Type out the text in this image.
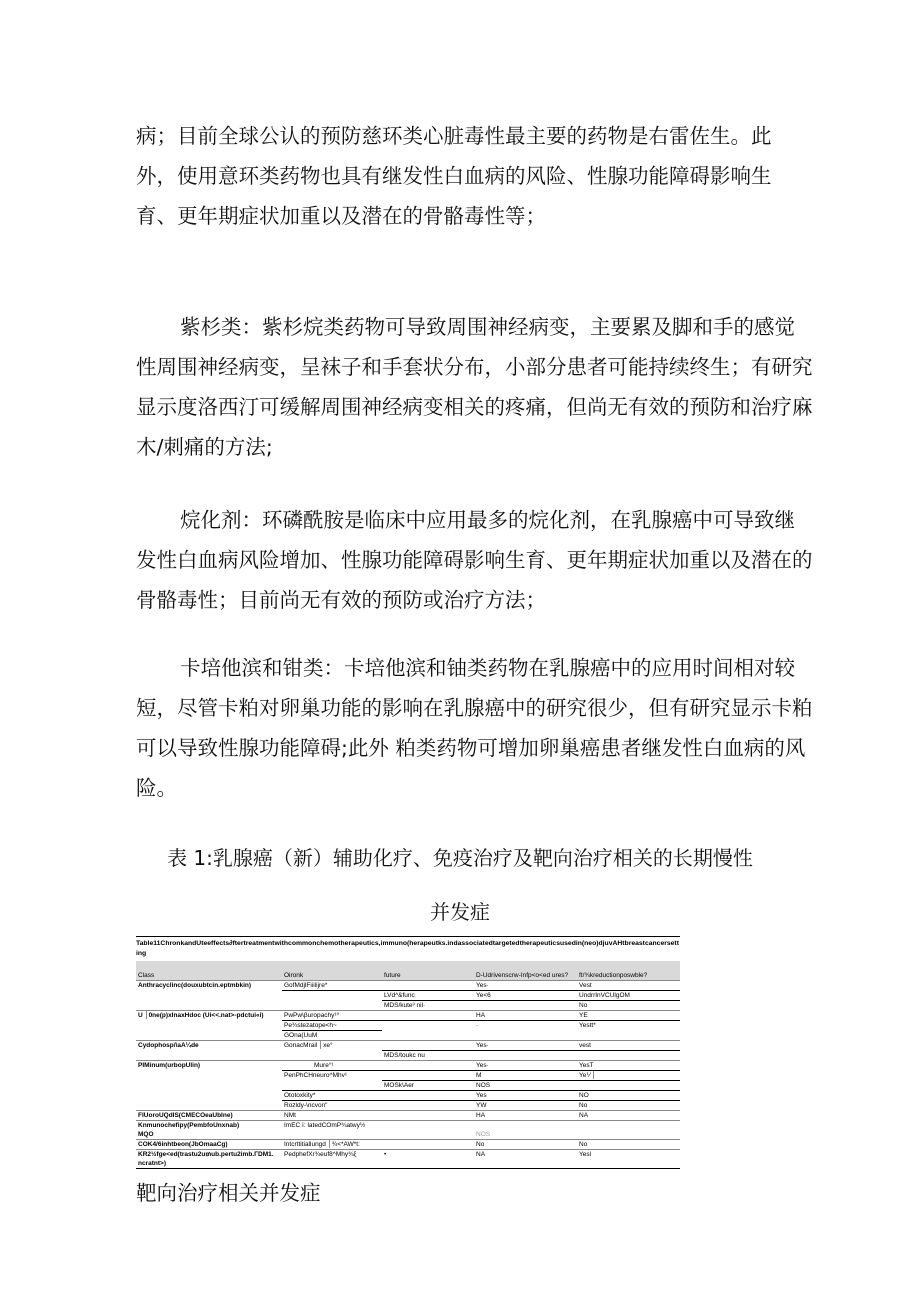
病；目前全球公认的预防慈环类心脏毒性最主要的药物是右雷佐生。此
外，使用意环类药物也具有继发性白血病的风险、性腺功能障碍影响生
育、更年期症状加重以及潜在的骨骼毒性等；
紫杉类：紫杉烷类药物可导致周围神经病变，主要累及脚和手的感觉
性周围神经病变，呈袜子和手套状分布，小部分患者可能持续终生；有研究
显示度洛西汀可缓解周围神经病变相关的疼痛，但尚无有效的预防和治疗麻
木/刺痛的方法;
烷化剂：环磷酰胺是临床中应用最多的烷化剂，在乳腺癌中可导致继
发性白血病风险增加、性腺功能障碍影响生育、更年期症状加重以及潜在的
骨骼毒性；目前尚无有效的预防或治疗方法；
卡培他滨和钳类：卡培他滨和铀类药物在乳腺癌中的应用时间相对较
短，尽管卡粕对卵巢功能的影响在乳腺癌中的研究很少，但有研究显示卡粕
可以导致性腺功能障碍;此外 粕类药物可增加卵巢癌患者继发性白血病的风
险。

表 1:乳腺癌（新）辅助化疗、免疫治疗及靶向治疗相关的长期慢性

并发症

Table11ChronkandUteeffects∂ftertreatmentwithcommonchemotherapeutics,immuno(herapeutks.indassociatedtargetedtherapeuticsusedin(neo)djuvAHtbreastcancersetting
Class	Oironk	future	D-Udrivenscrw-Infp<o<ed ures?	ft/¾kreductionposwble?
Anthracyclinc(douxubtcin.eptmbkin)	GofMdjlFiiilijre*		Yes·	Vest
		LVd^&func	Ye<6	UndrrInVCUlgOM
		MDS/kute³ nil·		No
U │0ne(p)xInaxHdoc (Ui<<.nat>-pdctui«i)	PwPw\βuropachy¹⁰		HA	YE
	Pe¾stezatope<h~		·	Yestt*
	GOna(UuM			
Cydophosp/\aA¼de	GonacMrail │xe°		Yes·	vest
		MDS/toukc nu		
PIMinum(urbopUlin)	Mure°¹		Yes·	YesT
	PenPhCHneuro^Mhv¹		M	Ye⅟ │
		MOSk\Aer	NOS	
	Ototoxkity*		Yes	NO
	Rozldy-\ncvon"		YW	No
FIUoroUQdIS(CMECOeaUbIne)	NMt		HA	NA
Knmunochefipy(PembfoUnxnab)	ImEC ⅰ: latedCOmP¾atwy½			
MQO			NOS	
COK4/6inhtbeon(JbOmaaCg)	Intcrttitiallungd │¾<*AW*t:		No	No
KR2½fge<ed(trastu2u₥ub.pertu2imb.ΓDM1.	PedphefXr¾euf8^Mhy¾ξ	•	NA	Yesl
ncratnt>)				

靶向治疗相关并发症
